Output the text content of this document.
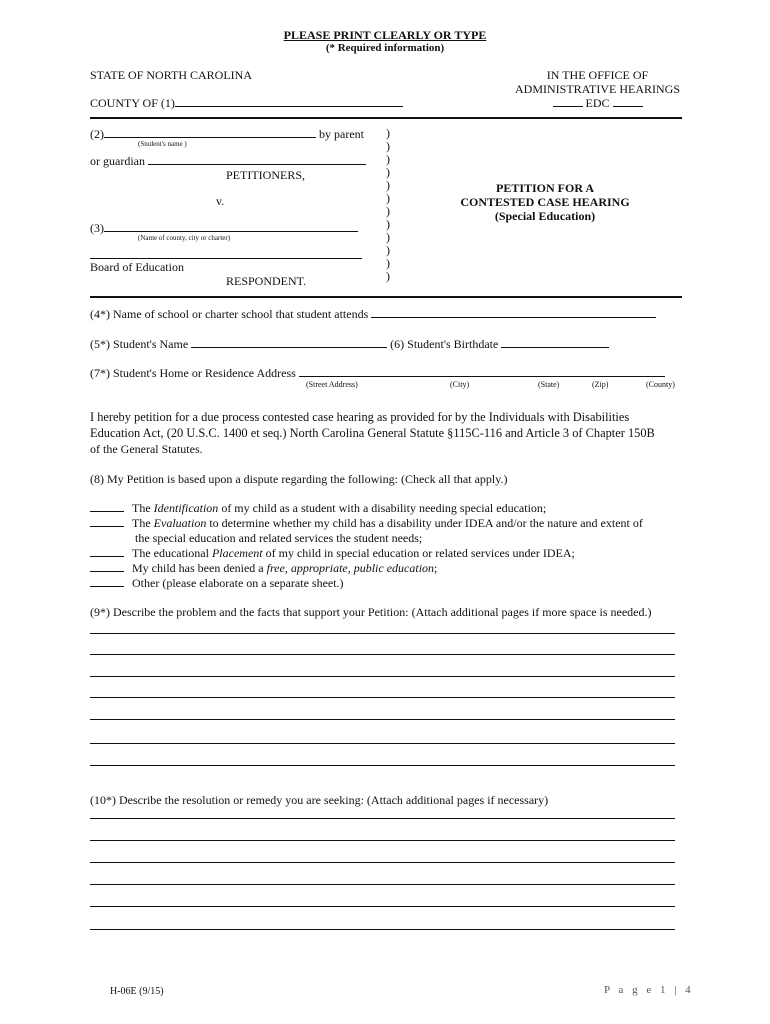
PLEASE PRINT CLEARLY OR TYPE
(* Required information)
STATE OF NORTH CAROLINA
COUNTY OF (1)
IN THE OFFICE OF
ADMINISTRATIVE HEARINGS
EDC
(2)	by parent
(Student's name )
or guardian
PETITIONERS,
v.
(3)
(Name of county, city or charter)
Board of Education
RESPONDENT.
)
)
)
)
)
)
)
)
)
)
)
)
PETITION FOR A
CONTESTED CASE HEARING
(Special Education)
(4*) Name of school or charter school that student attends
(5*) Student's Name	(6) Student's Birthdate
(7*) Student's Home or Residence Address
(Street Address)	(City)	(State)	(Zip)	(County)
I hereby petition for a due process contested case hearing as provided for by the Individuals with Disabilities
Education Act, (20 U.S.C. 1400 et seq.) North Carolina General Statute §115C-116 and Article 3 of Chapter 150B
of the General Statutes.
(8) My Petition is based upon a dispute regarding the following: (Check all that apply.)
The Identification of my child as a student with a disability needing special education;
The Evaluation to determine whether my child has a disability under IDEA and/or the nature and extent of
the special education and related services the student needs;
The educational Placement of my child in special education or related services under IDEA;
My child has been denied a free, appropriate, public education;
Other (please elaborate on a separate sheet.)
(9*) Describe the problem and the facts that support your Petition: (Attach additional pages if more space is needed.)
(10*) Describe the resolution or remedy you are seeking: (Attach additional pages if necessary)
H-06E (9/15)	P a g e 1 | 4
